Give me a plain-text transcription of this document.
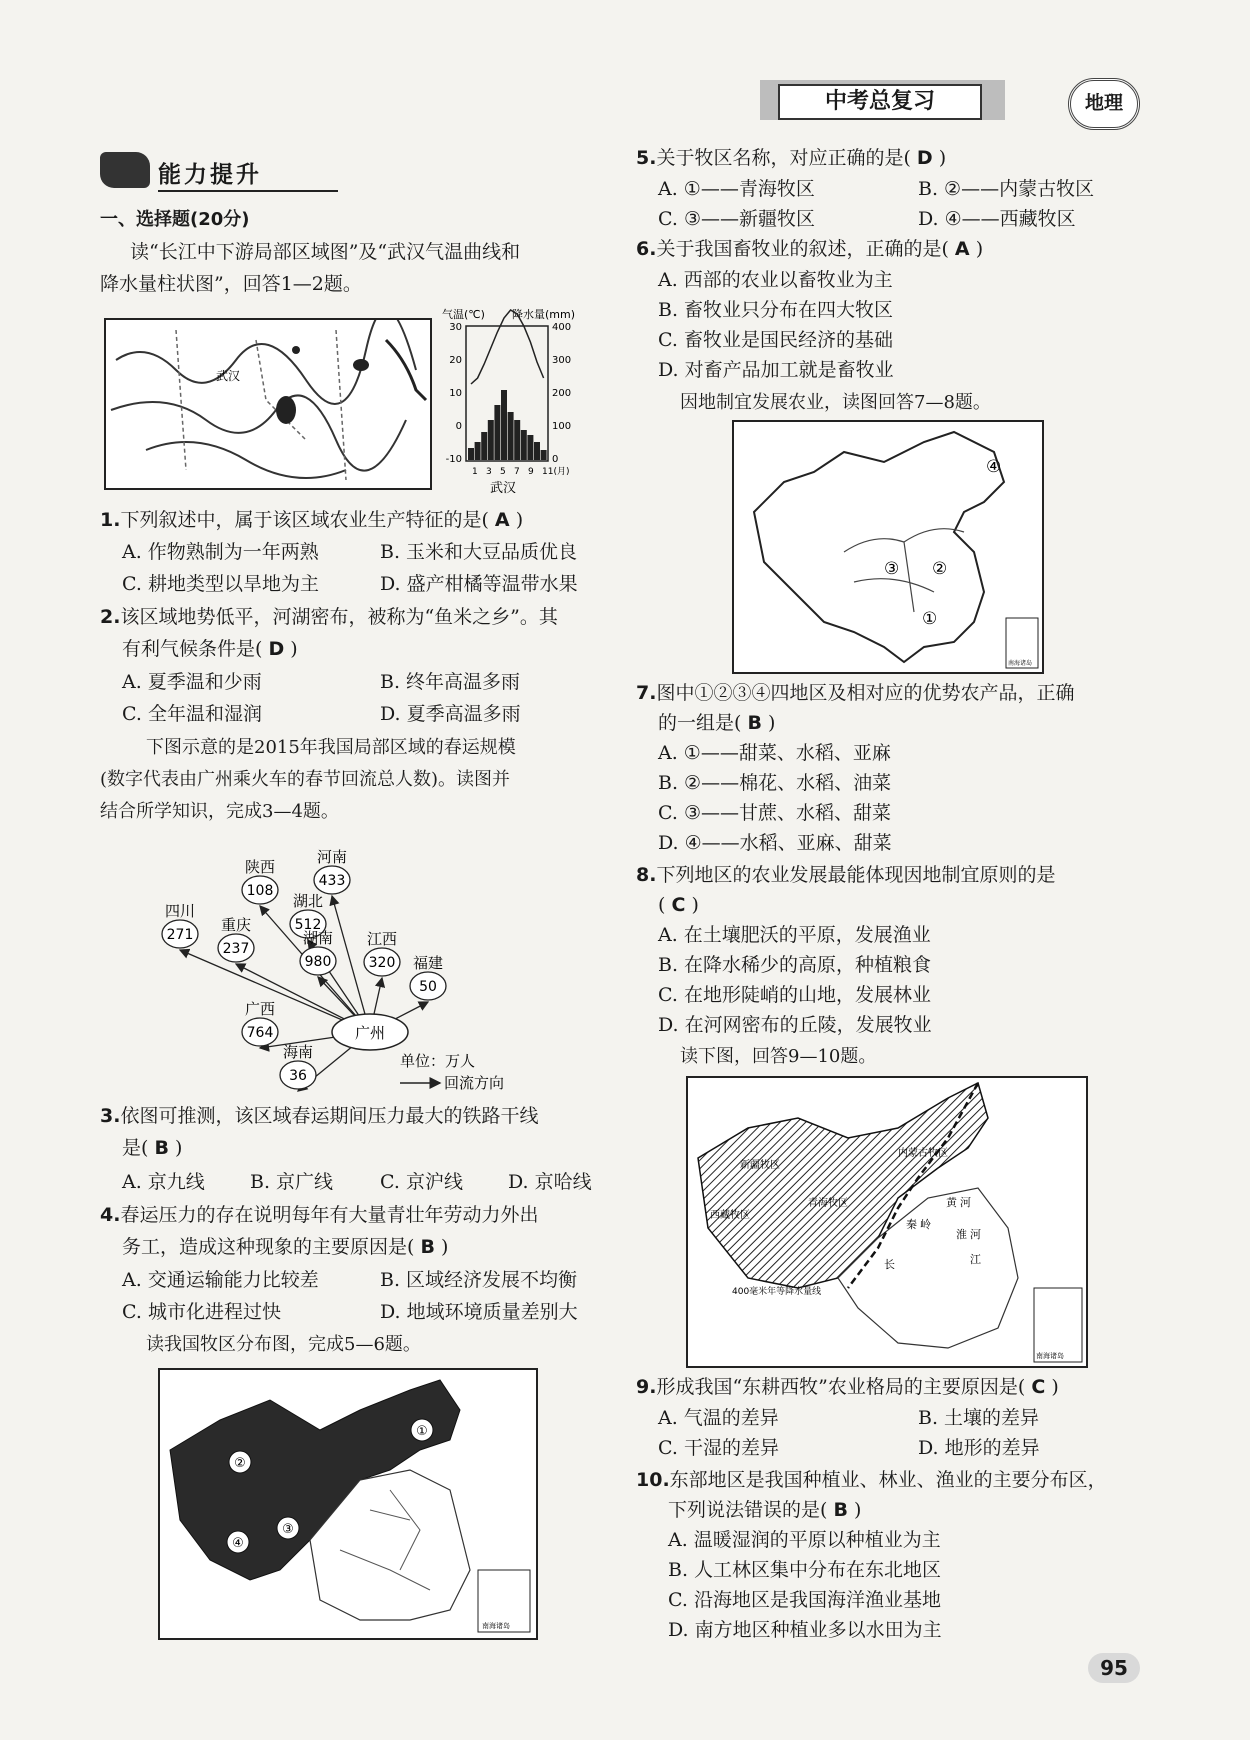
中考总复习	地理
能力提升
一、选择题(20分)
读“长江中下游局部区域图”及“武汉气温曲线和
降水量柱状图”，回答1—2题。
武汉
气温(℃) 降水量(mm)
30
20
10
0
-10
400
300
200
100
0
1 3 5 7 9 11(月)
武汉
1.下列叙述中，属于该区域农业生产特征的是( A )
A. 作物熟制为一年两熟	B. 玉米和大豆品质优良
C. 耕地类型以旱地为主	D. 盛产柑橘等温带水果
2.该区域地势低平，河湖密布，被称为“鱼米之乡”。其
有利气候条件是( D )
A. 夏季温和少雨	B. 终年高温多雨
C. 全年温和湿润	D. 夏季高温多雨
下图示意的是2015年我国局部区域的春运规模
(数字代表由广州乘火车的春节回流总人数)。读图并
结合所学知识，完成3—4题。
广州
108
陕西
433
河南
271
四川
512
湖北
237
重庆
980
湖南
320
江西
50
福建
764
广西
36
海南	单位：万人
回流方向
3.依图可推测，该区域春运期间压力最大的铁路干线
是( B )
A. 京九线 B. 京广线 C. 京沪线 D. 京哈线
4.春运压力的存在说明每年有大量青壮年劳动力外出
务工，造成这种现象的主要原因是( B )
A. 交通运输能力比较差	B. 区域经济发展不均衡
C. 城市化进程过快	D. 地域环境质量差别大
读我国牧区分布图，完成5—6题。
②
③
④
①
南海诸岛
5.关于牧区名称，对应正确的是( D )
A. ①——青海牧区	B. ②——内蒙古牧区
C. ③——新疆牧区	D. ④——西藏牧区
6.关于我国畜牧业的叙述，正确的是( A )
A. 西部的农业以畜牧业为主
B. 畜牧业只分布在四大牧区
C. 畜牧业是国民经济的基础
D. 对畜产品加工就是畜牧业
因地制宜发展农业，读图回答7—8题。
④
③ ②
①
南海诸岛
7.图中①②③④四地区及相对应的优势农产品，正确
的一组是( B )
A. ①——甜菜、水稻、亚麻
B. ②——棉花、水稻、油菜
C. ③——甘蔗、水稻、甜菜
D. ④——水稻、亚麻、甜菜
8.下列地区的农业发展最能体现因地制宜原则的是
( C )
A. 在土壤肥沃的平原，发展渔业
B. 在降水稀少的高原，种植粮食
C. 在地形陡峭的山地，发展林业
D. 在河网密布的丘陵，发展牧业
读下图，回答9—10题。
新疆牧区
西藏牧区
青海牧区
内蒙古牧区
黄 河
秦 岭
淮 河
长	江
400毫米年等降水量线
南海诸岛
9.形成我国“东耕西牧”农业格局的主要原因是( C )
A. 气温的差异	B. 土壤的差异
C. 干湿的差异	D. 地形的差异
10.东部地区是我国种植业、林业、渔业的主要分布区，
下列说法错误的是( B )
A. 温暖湿润的平原以种植业为主
B. 人工林区集中分布在东北地区
C. 沿海地区是我国海洋渔业基地
D. 南方地区种植业多以水田为主
95
